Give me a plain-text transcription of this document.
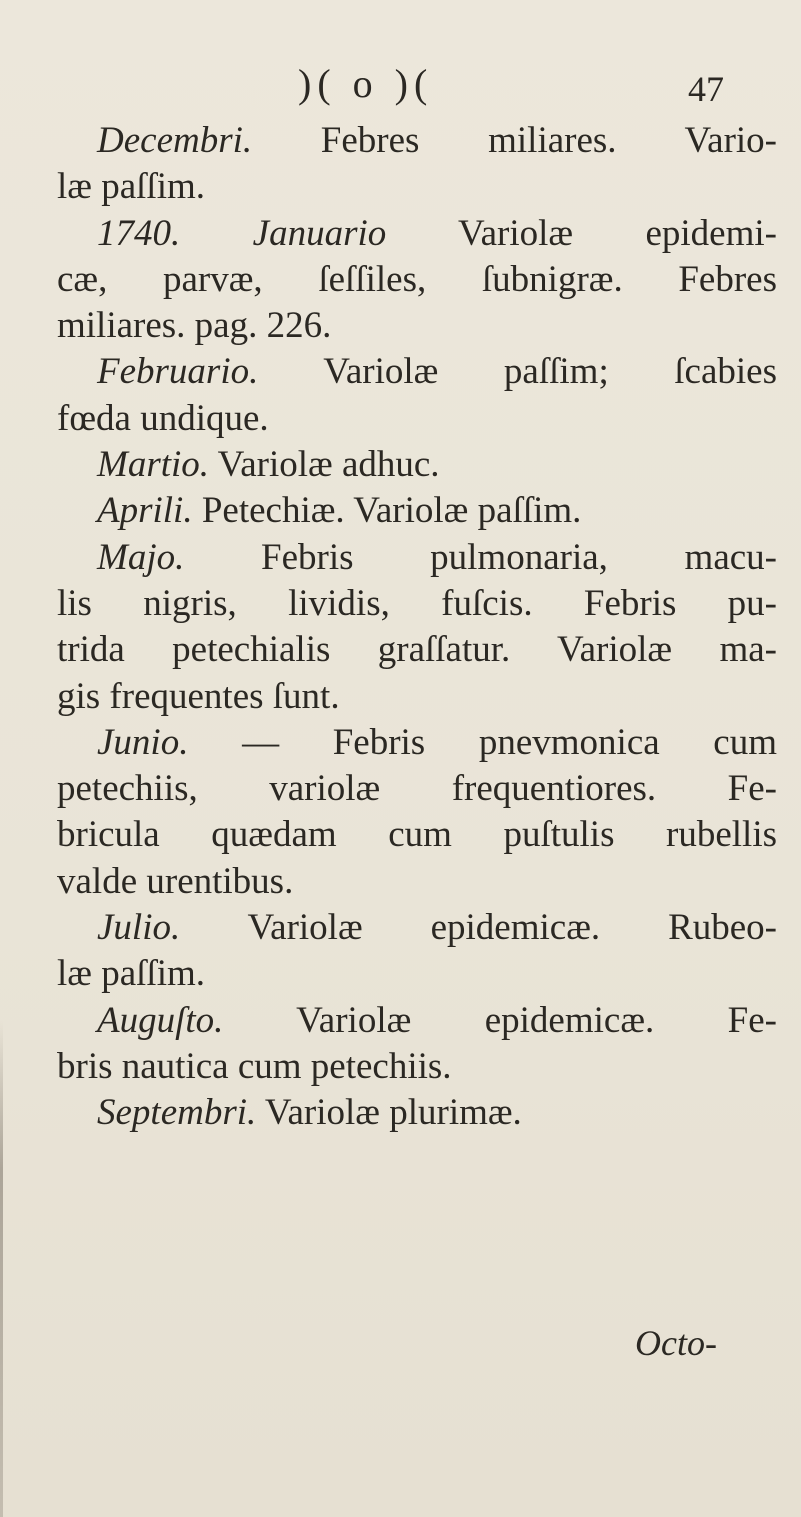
)( o )(	47
Decembri. Febres miliares. Vario-
læ paſſim.
1740. Januario Variolæ epidemi-
cæ, parvæ, ſeſſiles, ſubnigræ. Febres
miliares. pag. 226.
Februario. Variolæ paſſim; ſcabies
fœda undique.
Martio. Variolæ adhuc.
Aprili. Petechiæ. Variolæ paſſim.
Majo. Febris pulmonaria, macu-
lis nigris, lividis, fuſcis. Febris pu-
trida petechialis graſſatur. Variolæ ma-
gis frequentes ſunt.
Junio. — Febris pnevmonica cum
petechiis, variolæ frequentiores. Fe-
bricula quædam cum puſtulis rubellis
valde urentibus.
Julio. Variolæ epidemicæ. Rubeo-
læ paſſim.
Auguſto. Variolæ epidemicæ. Fe-
bris nautica cum petechiis.
Septembri. Variolæ plurimæ.
Octo-
